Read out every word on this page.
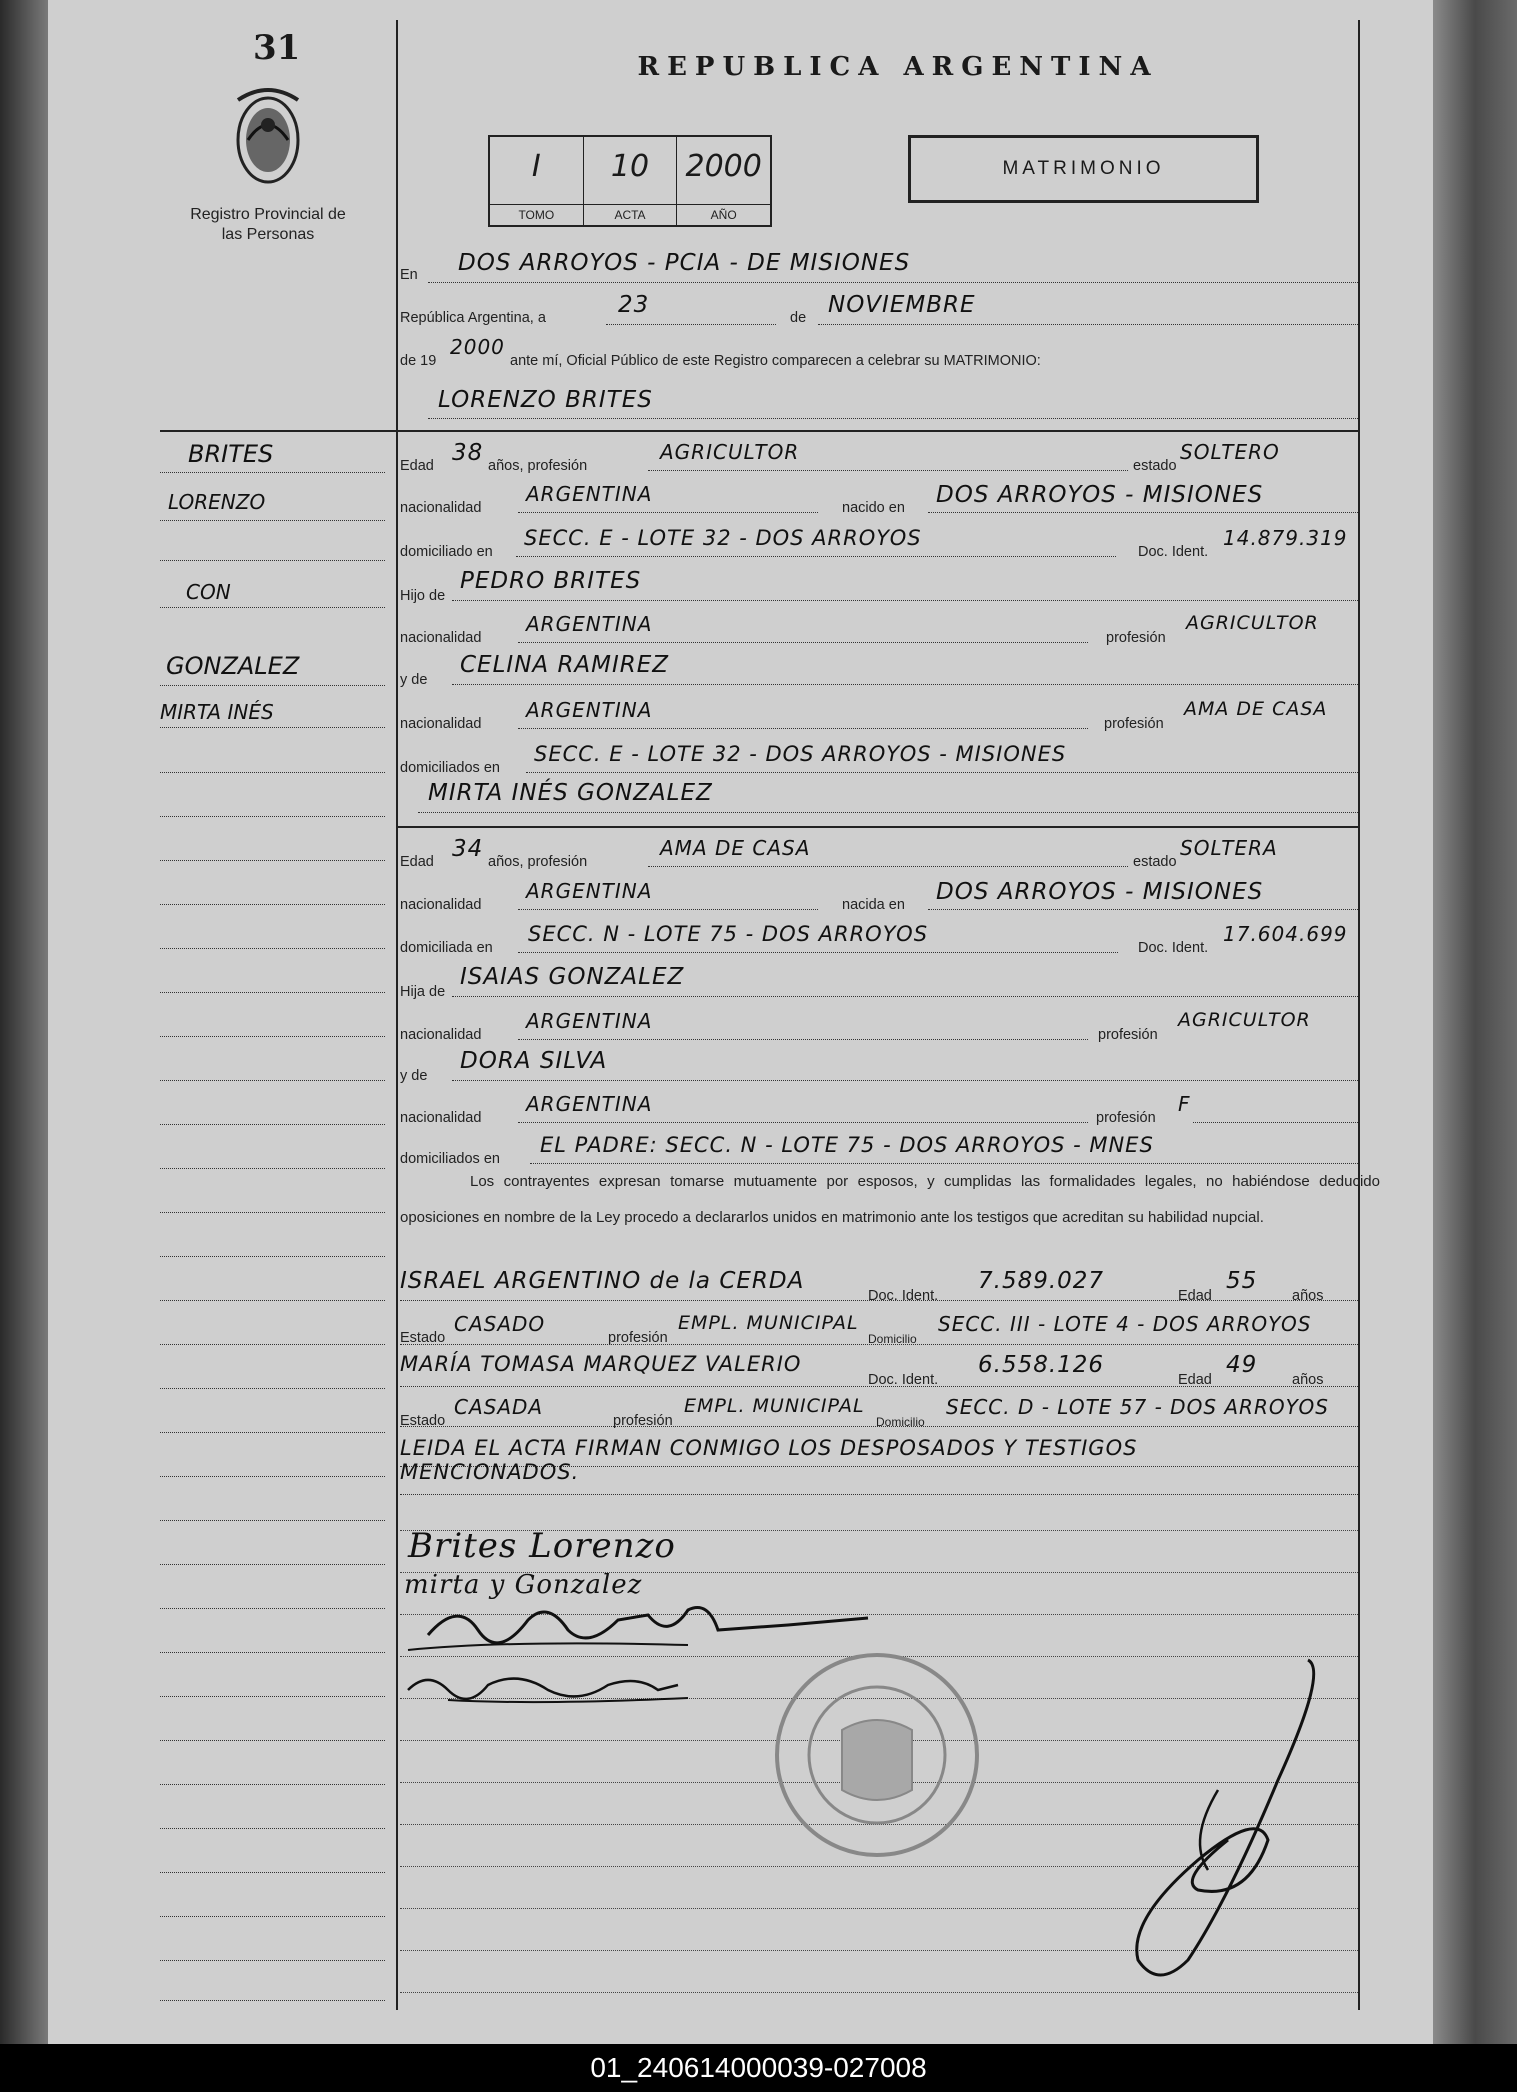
31
Registro Provincial de las Personas
REPUBLICA ARGENTINA
I
TOMO
10
ACTA
2000
AÑO
MATRIMONIO
En DOS ARROYOS - PCIA - DE MISIONES
República Argentina, a	23	de NOVIEMBRE
de 19
2000
ante mí, Oficial Público de este Registro comparecen a celebrar su MATRIMONIO:
LORENZO BRITES
BRITES
LORENZO
CON
GONZALEZ
MIRTA INÉS
Edad 38 años, profesión
AGRICULTOR
estado
SOLTERO
nacionalidad
ARGENTINA
nacido en DOS ARROYOS - MISIONES
domiciliado en
SECC. E - LOTE 32 - DOS ARROYOS
Doc. Ident.
14.879.319
Hijo de
PEDRO BRITES
nacionalidad
ARGENTINA
profesión
AGRICULTOR
y de
CELINA RAMIREZ
nacionalidad
ARGENTINA
profesión
AMA DE CASA
domiciliados en
SECC. E - LOTE 32 - DOS ARROYOS - MISIONES
MIRTA INÉS GONZALEZ
Edad 34 años, profesión
AMA DE CASA
estado
SOLTERA
nacionalidad
ARGENTINA
nacida en DOS ARROYOS - MISIONES
domiciliada en
SECC. N - LOTE 75 - DOS ARROYOS
Doc. Ident.
17.604.699
Hija de
ISAIAS GONZALEZ
nacionalidad
ARGENTINA
profesión
AGRICULTOR
y de
DORA SILVA
nacionalidad
ARGENTINA
profesión
F
domiciliados en
EL PADRE: SECC. N - LOTE 75 - DOS ARROYOS - MNES
Los contrayentes expresan tomarse mutuamente por esposos, y cumplidas las formalidades legales, no habiéndose deducido oposiciones en nombre de la Ley procedo a declararlos unidos en matrimonio ante los testigos que acreditan su habilidad nupcial.
ISRAEL ARGENTINO de la CERDA
Doc. Ident.
7.589.027
Edad
55
años
Estado
CASADO
profesión
EMPL. MUNICIPAL
Domicilio
SECC. III - LOTE 4 - DOS ARROYOS
MARÍA TOMASA MARQUEZ VALERIO
Doc. Ident.
6.558.126
Edad
49
años
Estado
CASADA
profesión
EMPL. MUNICIPAL
Domicilio
SECC. D - LOTE 57 - DOS ARROYOS
LEIDA EL ACTA FIRMAN CONMIGO LOS DESPOSADOS Y TESTIGOS
MENCIONADOS.
Brites Lorenzo
mirta y Gonzalez
01_240614000039-027008
